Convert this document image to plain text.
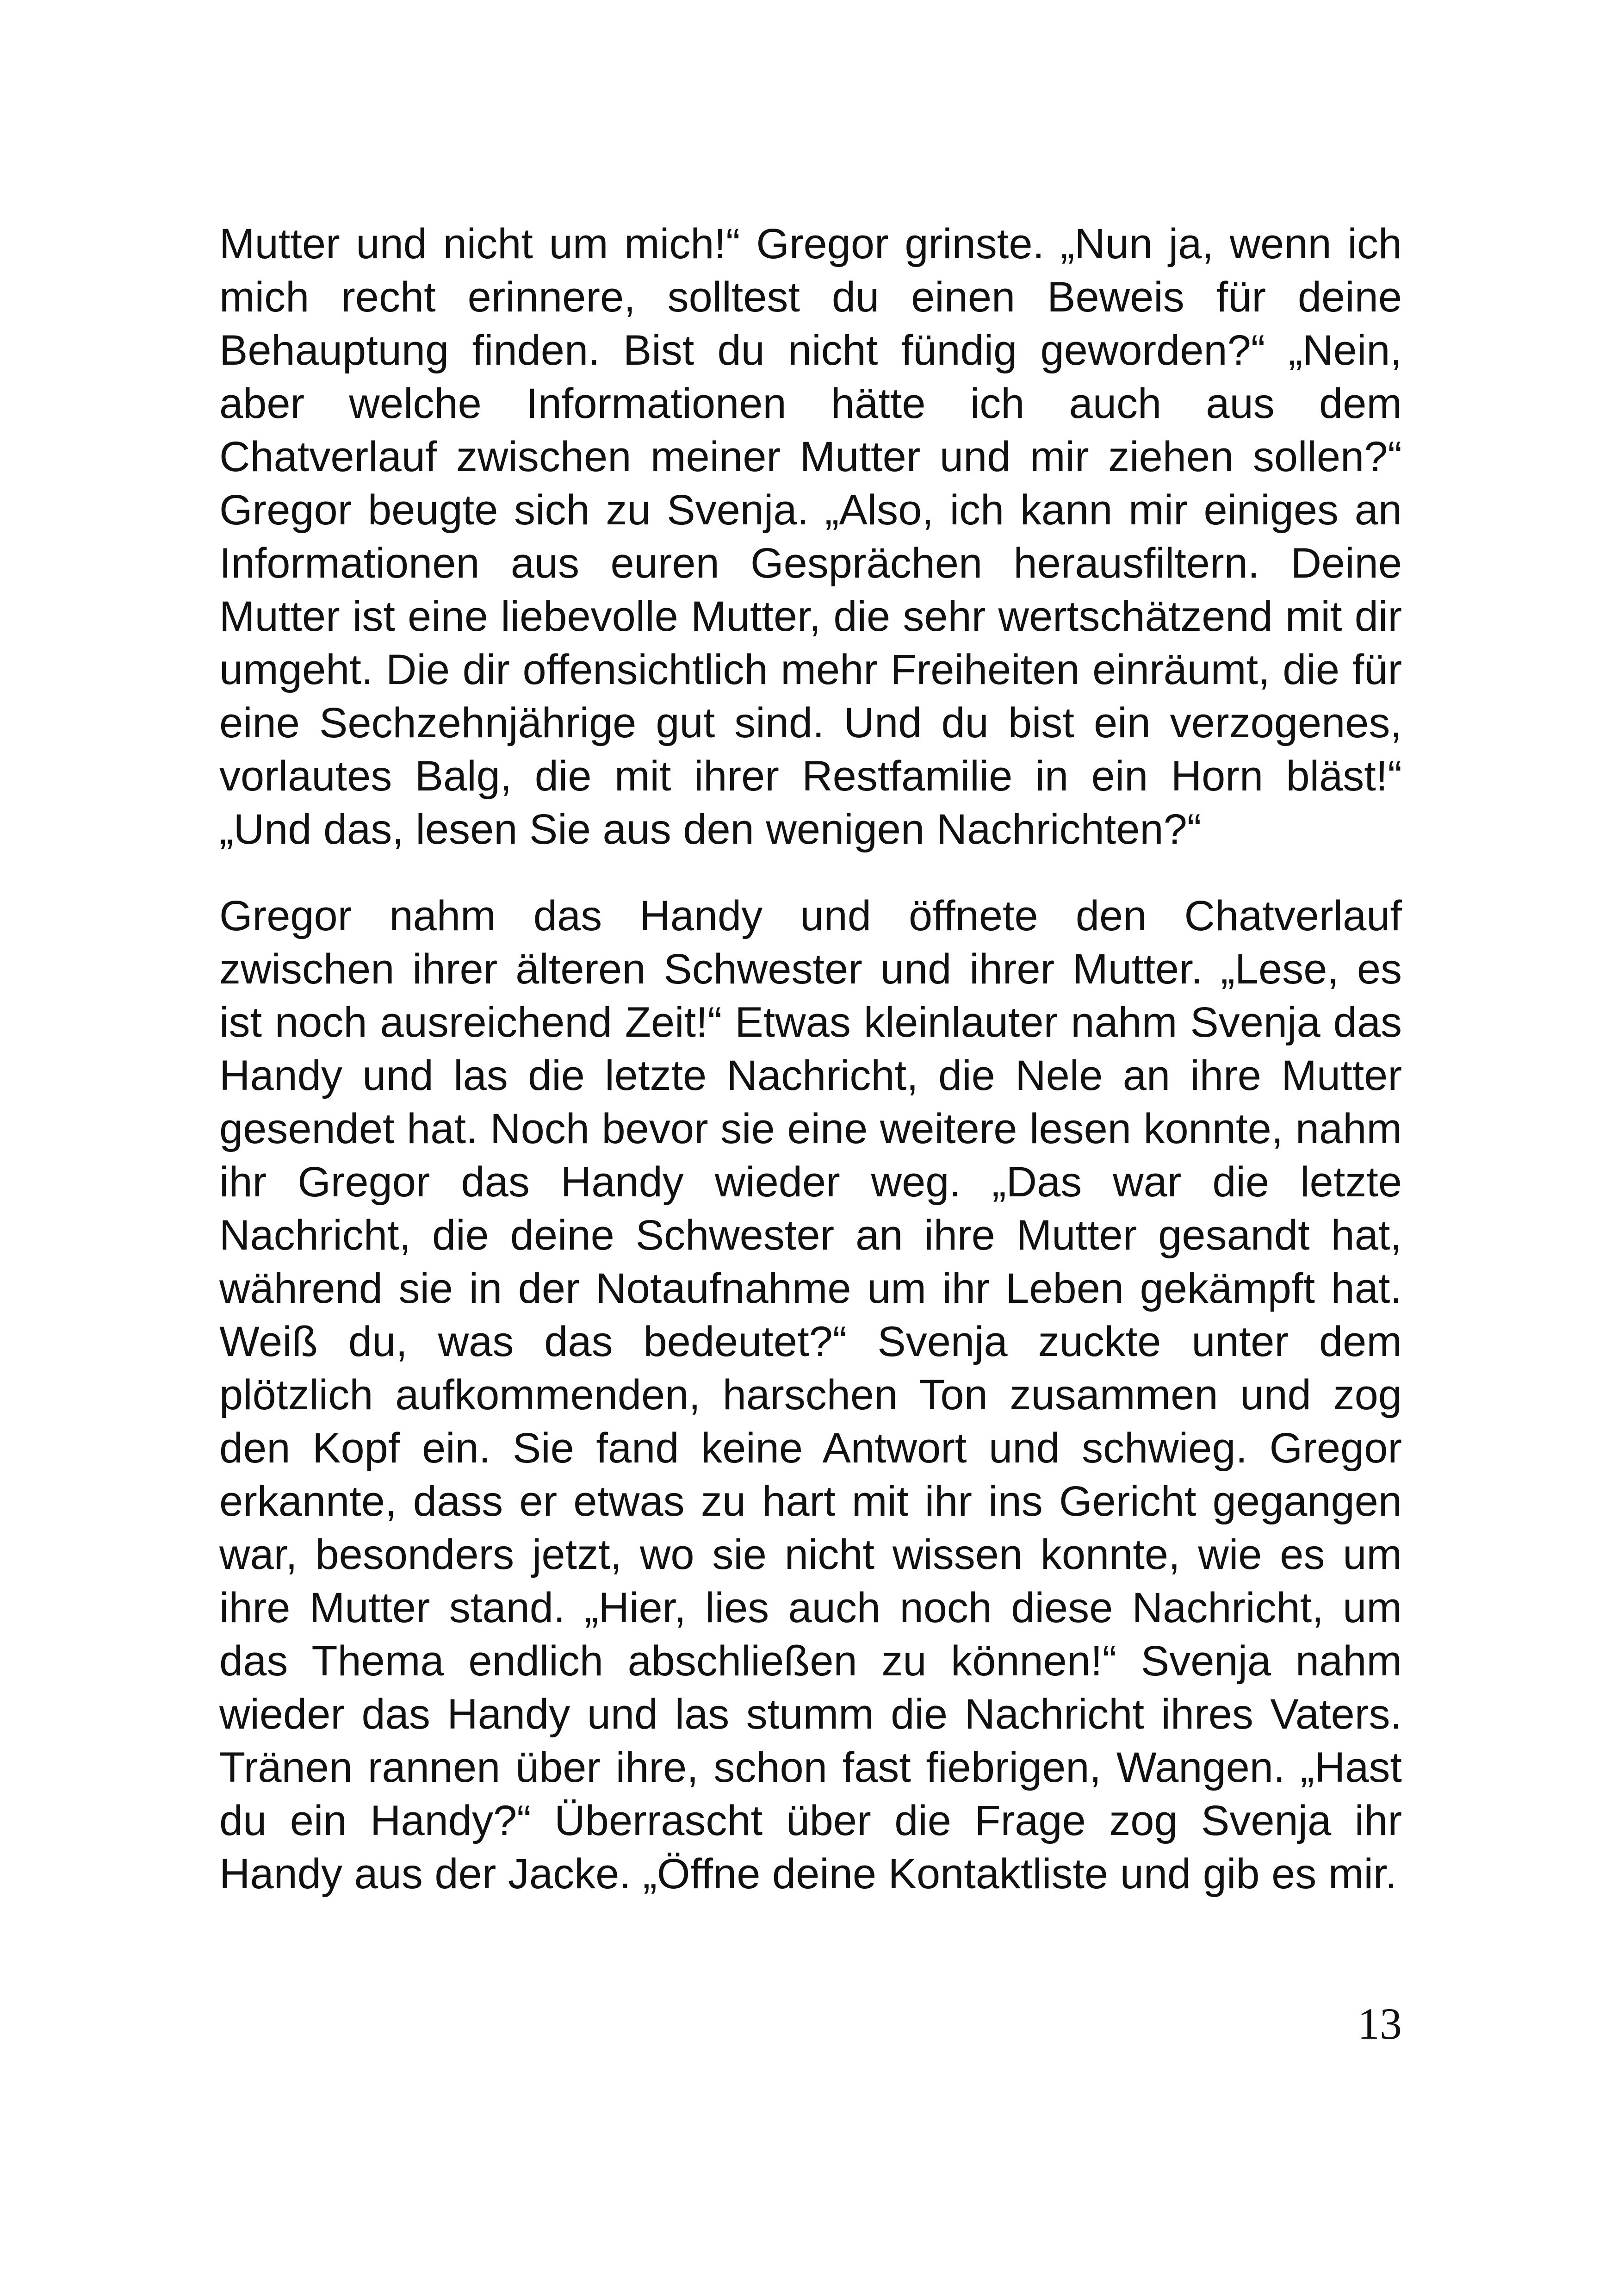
Mutter und nicht um mich!“ Gregor grinste. „Nun ja, wenn ich mich recht erinnere, solltest du einen Beweis für deine Behauptung finden. Bist du nicht fündig geworden?“ „Nein, aber welche Informationen hätte ich auch aus dem Chatverlauf zwischen meiner Mutter und mir ziehen sollen?“ Gregor beugte sich zu Svenja. „Also, ich kann mir einiges an Informationen aus euren Gesprächen herausfiltern. Deine Mutter ist eine liebevolle Mutter, die sehr wertschätzend mit dir umgeht. Die dir offensichtlich mehr Freiheiten einräumt, die für eine Sechzehnjährige gut sind. Und du bist ein verzogenes, vorlautes Balg, die mit ihrer Restfamilie in ein Horn bläst!“ „Und das, lesen Sie aus den wenigen Nachrichten?“

Gregor nahm das Handy und öffnete den Chatverlauf zwischen ihrer älteren Schwester und ihrer Mutter. „Lese, es ist noch ausreichend Zeit!“ Etwas kleinlauter nahm Svenja das Handy und las die letzte Nachricht, die Nele an ihre Mutter gesendet hat. Noch bevor sie eine weitere lesen konnte, nahm ihr Gregor das Handy wieder weg. „Das war die letzte Nachricht, die deine Schwester an ihre Mutter gesandt hat, während sie in der Notaufnahme um ihr Leben gekämpft hat. Weiß du, was das bedeutet?“ Svenja zuckte unter dem plötzlich aufkommenden, harschen Ton zusammen und zog den Kopf ein. Sie fand keine Antwort und schwieg. Gregor erkannte, dass er etwas zu hart mit ihr ins Gericht gegangen war, besonders jetzt, wo sie nicht wissen konnte, wie es um ihre Mutter stand. „Hier, lies auch noch diese Nachricht, um das Thema endlich abschließen zu können!“ Svenja nahm wieder das Handy und las stumm die Nachricht ihres Vaters. Tränen rannen über ihre, schon fast fiebrigen, Wangen. „Hast du ein Handy?“ Überrascht über die Frage zog Svenja ihr Handy aus der Jacke. „Öffne deine Kontaktliste und gib es mir.

13
